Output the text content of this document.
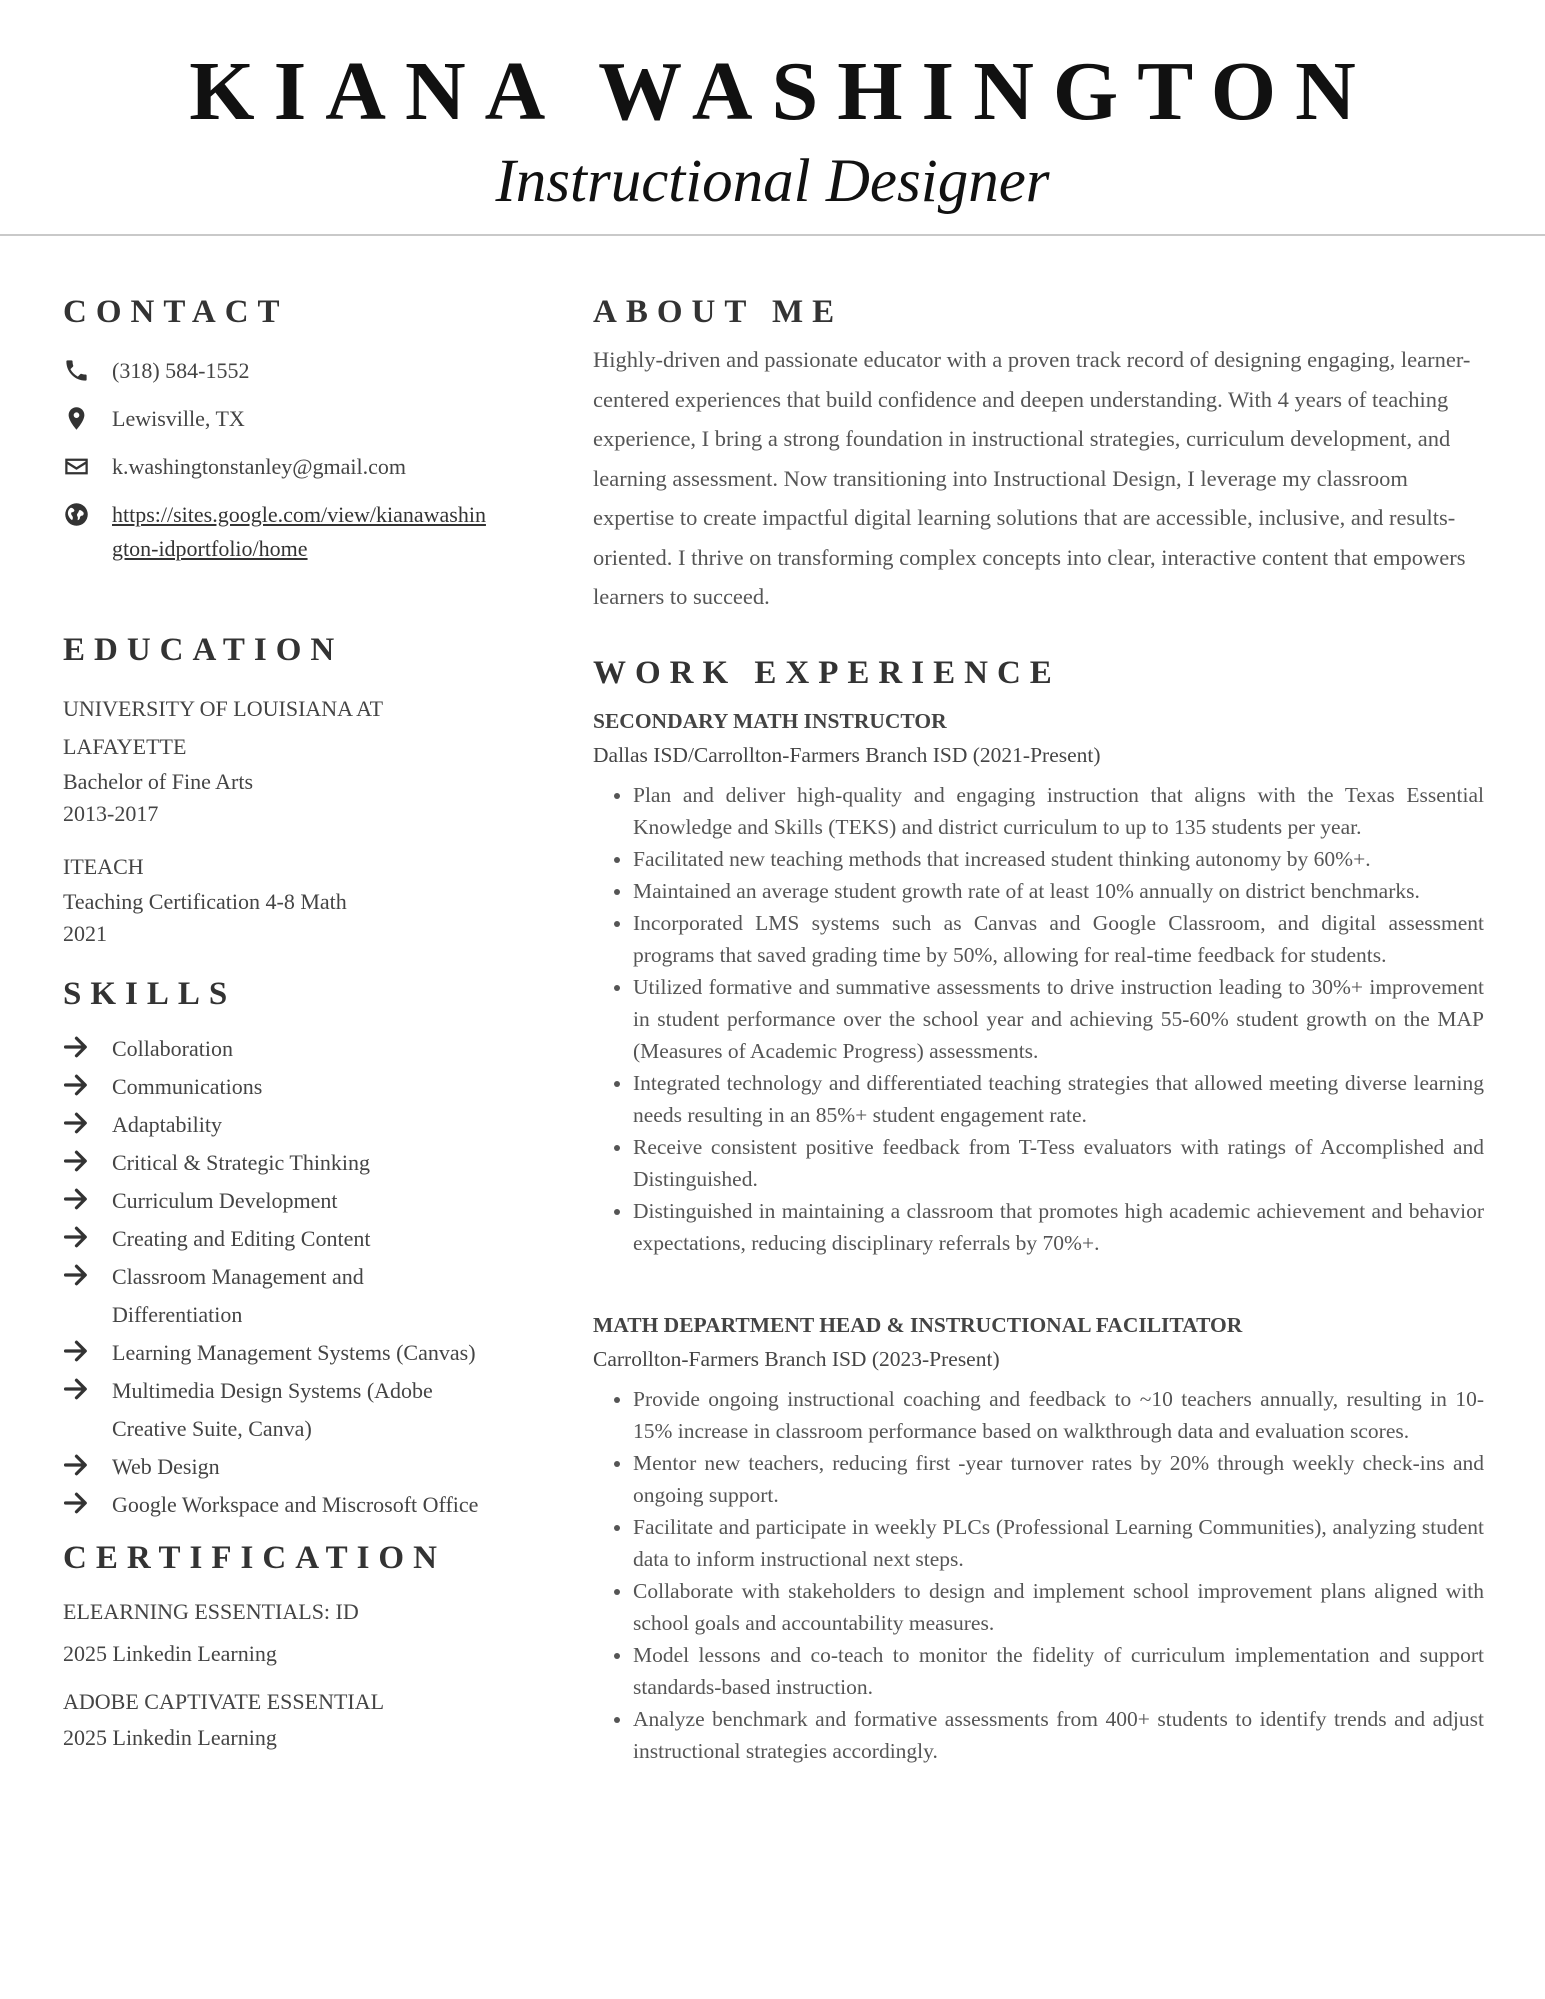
KIANA WASHINGTON
Instructional Designer
CONTACT
(318) 584-1552
Lewisville, TX
k.washingtonstanley@gmail.com
https://sites.google.com/view/kianawashington-idportfolio/home
EDUCATION
UNIVERSITY OF LOUISIANA AT LAFAYETTE
Bachelor of Fine Arts
2013-2017
ITEACH
Teaching Certification 4-8 Math
2021
SKILLS
Collaboration
Communications
Adaptability
Critical & Strategic Thinking
Curriculum Development
Creating and Editing Content
Classroom Management and Differentiation
Learning Management Systems (Canvas)
Multimedia Design Systems (Adobe Creative Suite, Canva)
Web Design
Google Workspace and Miscrosoft Office
CERTIFICATION
ELEARNING ESSENTIALS: ID
2025 Linkedin Learning
ADOBE CAPTIVATE ESSENTIAL
2025 Linkedin Learning
ABOUT ME
Highly-driven and passionate educator with a proven track record of designing engaging, learner-centered experiences that build confidence and deepen understanding. With 4 years of teaching experience, I bring a strong foundation in instructional strategies, curriculum development, and learning assessment. Now transitioning into Instructional Design, I leverage my classroom expertise to create impactful digital learning solutions that are accessible, inclusive, and results-oriented. I thrive on transforming complex concepts into clear, interactive content that empowers learners to succeed.
WORK EXPERIENCE
SECONDARY MATH INSTRUCTOR
Dallas ISD/Carrollton-Farmers Branch ISD (2021-Present)
• Plan and deliver high-quality and engaging instruction that aligns with the Texas Essential Knowledge and Skills (TEKS) and district curriculum to up to 135 students per year.
• Facilitated new teaching methods that increased student thinking autonomy by 60%+.
• Maintained an average student growth rate of at least 10% annually on district benchmarks.
• Incorporated LMS systems such as Canvas and Google Classroom, and digital assessment programs that saved grading time by 50%, allowing for real-time feedback for students.
• Utilized formative and summative assessments to drive instruction leading to 30%+ improvement in student performance over the school year and achieving 55-60% student growth on the MAP (Measures of Academic Progress) assessments.
• Integrated technology and differentiated teaching strategies that allowed meeting diverse learning needs resulting in an 85%+ student engagement rate.
• Receive consistent positive feedback from T-Tess evaluators with ratings of Accomplished and Distinguished.
• Distinguished in maintaining a classroom that promotes high academic achievement and behavior expectations, reducing disciplinary referrals by 70%+.
MATH DEPARTMENT HEAD & INSTRUCTIONAL FACILITATOR
Carrollton-Farmers Branch ISD (2023-Present)
• Provide ongoing instructional coaching and feedback to ~10 teachers annually, resulting in 10-15% increase in classroom performance based on walkthrough data and evaluation scores.
• Mentor new teachers, reducing first -year turnover rates by 20% through weekly check-ins and ongoing support.
• Facilitate and participate in weekly PLCs (Professional Learning Communities), analyzing student data to inform instructional next steps.
• Collaborate with stakeholders to design and implement school improvement plans aligned with school goals and accountability measures.
• Model lessons and co-teach to monitor the fidelity of curriculum implementation and support standards-based instruction.
• Analyze benchmark and formative assessments from 400+ students to identify trends and adjust instructional strategies accordingly.
